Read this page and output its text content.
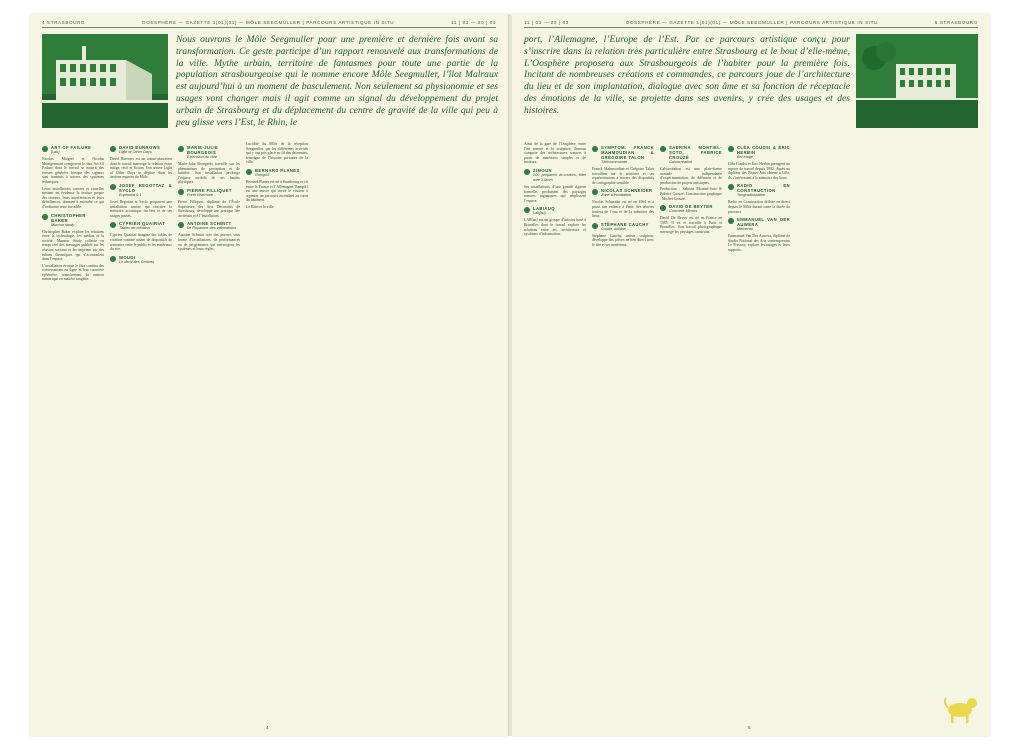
4 STRASBOURG	OOSSPHÈRE — GAZETTE 1(01)(01) — MÔLE SEEGMULLER | PARCOURS ARTISTIQUE IN SITU	11 | 03 — 20 | 03
Nous ouvrons le Môle Seegmuller pour une première et dernière fois avant sa transformation. Ce geste participe d’un rapport renouvelé aux transformations de la ville. Mythe urbain, territoire de fantasmes pour toute une partie de la population strasbourgeoise qui le nomme encore Môle Seegmuller, l’îlot Malraux est aujourd’hui à un moment de basculement. Non seulement sa physionomie et ses usages vont changer mais il agit comme un signal du développement du projet urbain de Strasbourg et du déplacement du centre de gravité de la ville qui peu à peu glisse vers l’Est, le Rhin, le
ART OF FAILURE
[Lab]

Nicolas Maigret et Nicolas Montgermont composent le duo Art Of Failure dont le travail se nourrit des erreurs générées lorsque des signaux sont transmis à travers des systèmes techniques.

Leurs installations sonores et visuelles mettent en évidence la texture propre des réseaux, leurs interférences et leurs défaillances, donnant à entendre ce qui d’ordinaire reste invisible.

CHRISTOPHER BAKER
Murmur study

Christopher Baker explore les relations entre la technologie, les médias et la société. Murmur Study collecte en temps réel des messages publiés sur les réseaux sociaux et les imprime sur des rubans thermiques qui s’accumulent dans l’espace.

L’installation évoque le flux continu des conversations en ligne et leur caractère éphémère, transformant la rumeur numérique en matière tangible.

DAVID BURROWS
Light of Other Days

David Burrows est un artiste-plasticien dont le travail interroge la relation entre image, récit et fiction. Son œuvre Light of Other Days se déploie dans les anciens espaces du Môle.

JOSEF REGOTTAZ & SYCLO
Euphonia 0.1

Josef Regottaz et Syclo proposent une installation sonore qui réactive la mémoire acoustique du lieu et de ses usages passés.

CYPRIEN QUAIRIAT
Tables de création

Cyprien Quairiat imagine des tables de création comme autant de dispositifs de rencontre entre le public et les matériaux du site.

WOUDI
Le demi des Ombres
MARIE-JULIE BOURGEOIS
Extension du vide

Marie-Julie Bourgeois travaille sur les phénomènes de perception et de lumière. Son installation prolonge l’espace au-delà de ses limites physiques.

PIERRE FILLIQUET
Forêt Hivernale

Pierre Filliquet, diplômé de l’École Supérieure des Arts Décoratifs de Strasbourg, développe une pratique liée au dessin et à l’installation.

ANTOINE SCHMITT
Le Royaume des infirmations

Antoine Schmitt crée des œuvres sous forme d’installations, de performances ou de programmes qui interrogent les systèmes et leurs règles.

Lucidité du Môle de la réception Seegmuller, par les différentes activités qui y ont pris place au fil des décennies, témoigne de l’histoire portuaire de la ville.

BERNARD PLANES
Ramp#1

Bernard Planes est né à Strasbourg et vit entre la France et l’Allemagne. Ramp#1 est une œuvre qui invite le visiteur à arpenter un parcours ascendant au cœur du bâtiment.

Le Rhin et la ville.

4
11 | 03 — 20 | 03	OOSSPHÈRE — GAZETTE 1(01)(01) — MÔLE SEEGMULLER | PARCOURS ARTISTIQUE IN SITU	5 STRASBOURG
port, l’Allemagne, l’Europe de l’Est. Par ce parcours artistique conçu pour s’inscrire dans la relation très particulière entre Strasbourg et le bout d’elle-même, L’Oosphère proposera aux Strasbourgeois de l’habiter pour la première fois. Incitant de nombreuses créations et commandes, ce parcours joue de l’architecture du lieu et de son implantation, dialogue avec son âme et sa fonction de réceptacle des émotions de la ville, se projette dans ses avenirs, y crée des usages et des histoires.

Ainsi de la gare de l’Oosphère, entre l’art sonore et la sculpture, Zimoun compose des architectures sonores à partir de matériaux simples et de moteurs.

ZIMOUN
200 prepared dc-motors, filler wire 1.0mm

Ses installations, d’une grande rigueur formelle, produisent des paysages sonores organiques qui emplissent l’espace.

LABIAUQ
Lab[au]

LAB[au] est un groupe d’artistes basé à Bruxelles dont le travail explore les relations entre art, architecture et systèmes d’information.

SYMPTOM: FRANCK MAHMOUDIAN & GRÉGOIRE TALON
Télécommande

Franck Mahmoudian et Grégoire Talon travaillent sur le territoire et ses représentations à travers des dispositifs de cartographie sensible.

NICOLAS SCHNEIDER
Zone d’inondation

Nicolas Schneider est né en 1964 et a passé son enfance à Paris. Ses œuvres traitent de l’eau et de la mémoire des lieux.

STÉPHANE CAUCHY
Coude, bobine

Stéphane Cauchy, artiste sculpteur, développe des pièces en lien direct avec le site et ses matériaux.

SABRINA MONTIEL-SOTO, FABRICE CROUZÉ
Calvacréation

Calvacréation est une plate-forme nomade indépendante d’expérimentation, de diffusion et de production de projets artistiques.

Production : Sabrina Montiel-Soto & Fabrice Crouzé. Construction graphique : Michel Crouzé.

DAVID DE BEYTER
Concrete Mirrors

David De Beyter est né en France en 1985. Il vit et travaille à Paris et Bruxelles. Son travail photographique interroge les paysages construits.

CLÉA COUDSI & ÉRIC HERBIN
Bel étage

Cléa Coudsi et Éric Herbin partagent un espace de travail depuis 2002. Après un diplôme des Beaux-Arts obtenu à Lille, ils s’intéressent à la mémoire des lieux.

RADIO EN CONSTRUCTION
Tongradiostation

Radio en Construction diffuse en direct depuis le Môle durant toute la durée du parcours.

EMMANUEL VAN DER AUWERA
Memento

Emmanuel Van Der Auwera, diplômé de Studio National des Arts contemporains Le Fresnoy, explore les images et leurs supports.

5
